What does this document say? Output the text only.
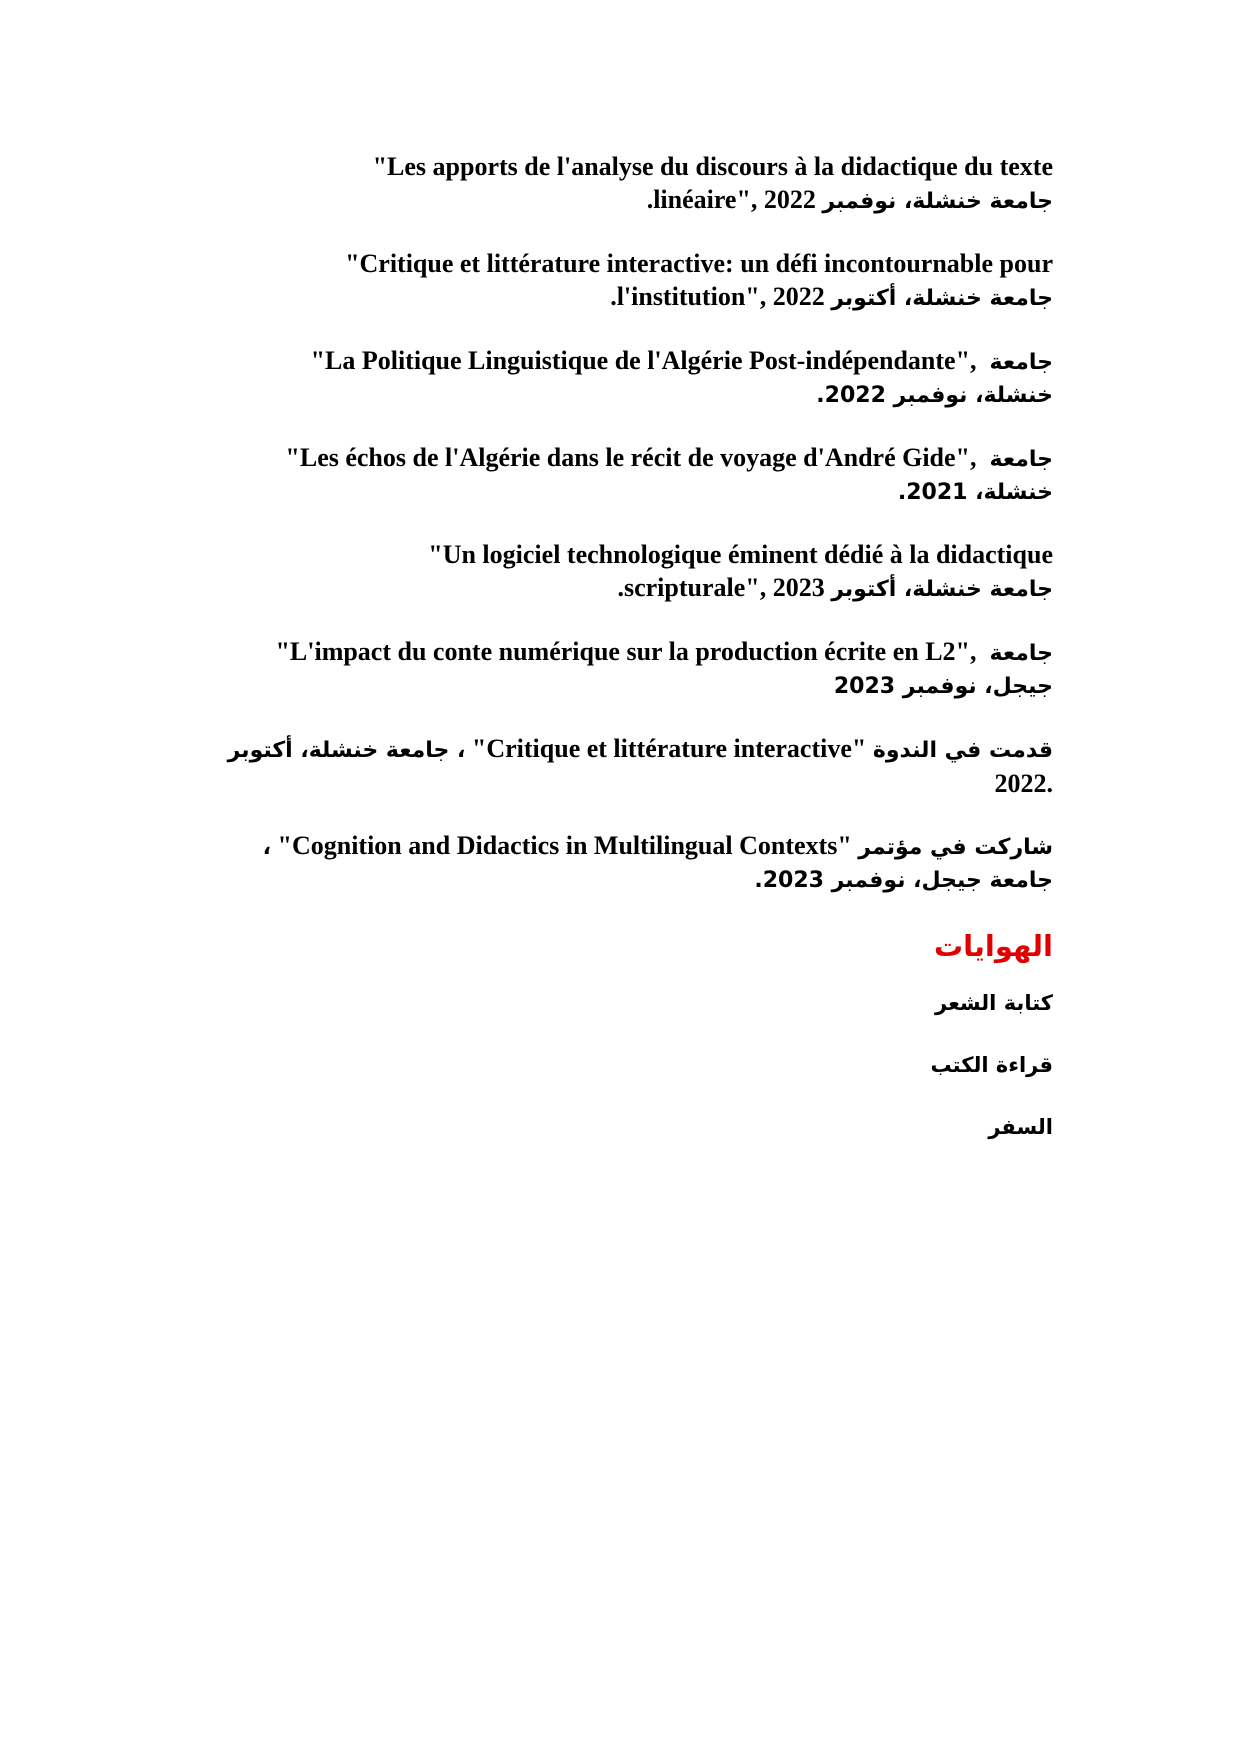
"Les apports de l'analyse du discours à la didactique du texte
جامعة خنشلة، نوفمبر linéaire", 2022.
"Critique et littérature interactive: un défi incontournable pour
جامعة خنشلة، أكتوبر l'institution", 2022.
جامعة  "La Politique Linguistique de l'Algérie Post-indépendante",
خنشلة، نوفمبر 2022.
جامعة  "Les échos de l'Algérie dans le récit de voyage d'André Gide",
خنشلة، 2021.
"Un logiciel technologique éminent dédié à la didactique
جامعة خنشلة، أكتوبر scripturale", 2023.
جامعة  "L'impact du conte numérique sur la production écrite en L2",
جيجل، نوفمبر 2023
قدمت في الندوة "Critique et littérature interactive" ، جامعة خنشلة، أكتوبر
2022.
شاركت في مؤتمر "Cognition and Didactics in Multilingual Contexts" ،
جامعة جيجل، نوفمبر 2023.
الهوايات
كتابة الشعر
قراءة الكتب
السفر
